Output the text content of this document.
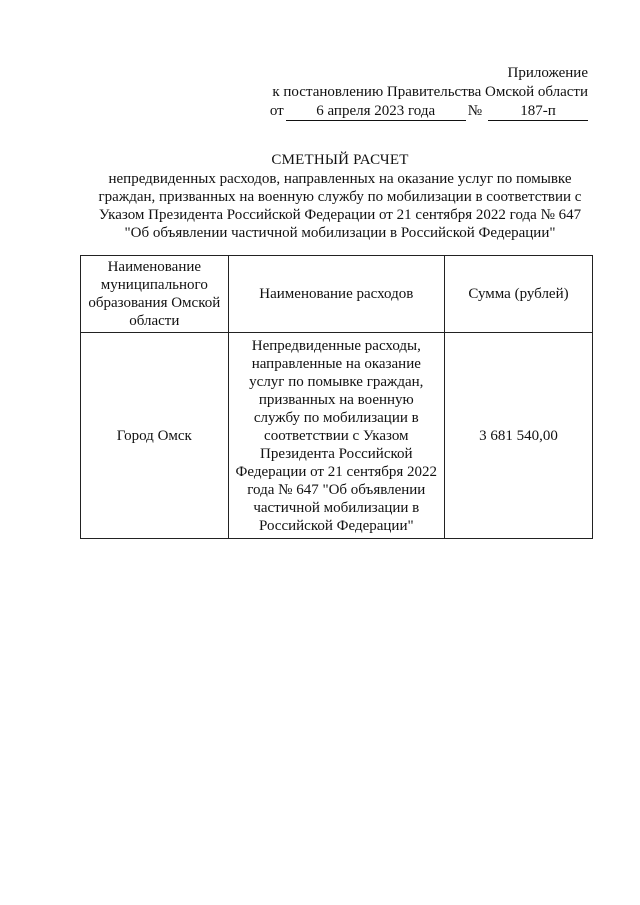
Приложение
к постановлению Правительства Омской области
от	6 апреля 2023 года	№	187-п
СМЕТНЫЙ РАСЧЕТ
непредвиденных расходов, направленных на оказание услуг по помывке
граждан, призванных на военную службу по мобилизации в соответствии с
Указом Президента Российской Федерации от 21 сентября 2022 года № 647
"Об объявлении частичной мобилизации в Российской Федерации"
Наименование муниципального образования Омской области	Наименование расходов	Сумма (рублей)
Город Омск	Непредвиденные расходы, направленные на оказание услуг по помывке граждан, призванных на военную службу по мобилизации в соответствии с Указом Президента Российской Федерации от 21 сентября 2022 года № 647 "Об объявлении частичной мобилизации в Российской Федерации"	3 681 540,00
